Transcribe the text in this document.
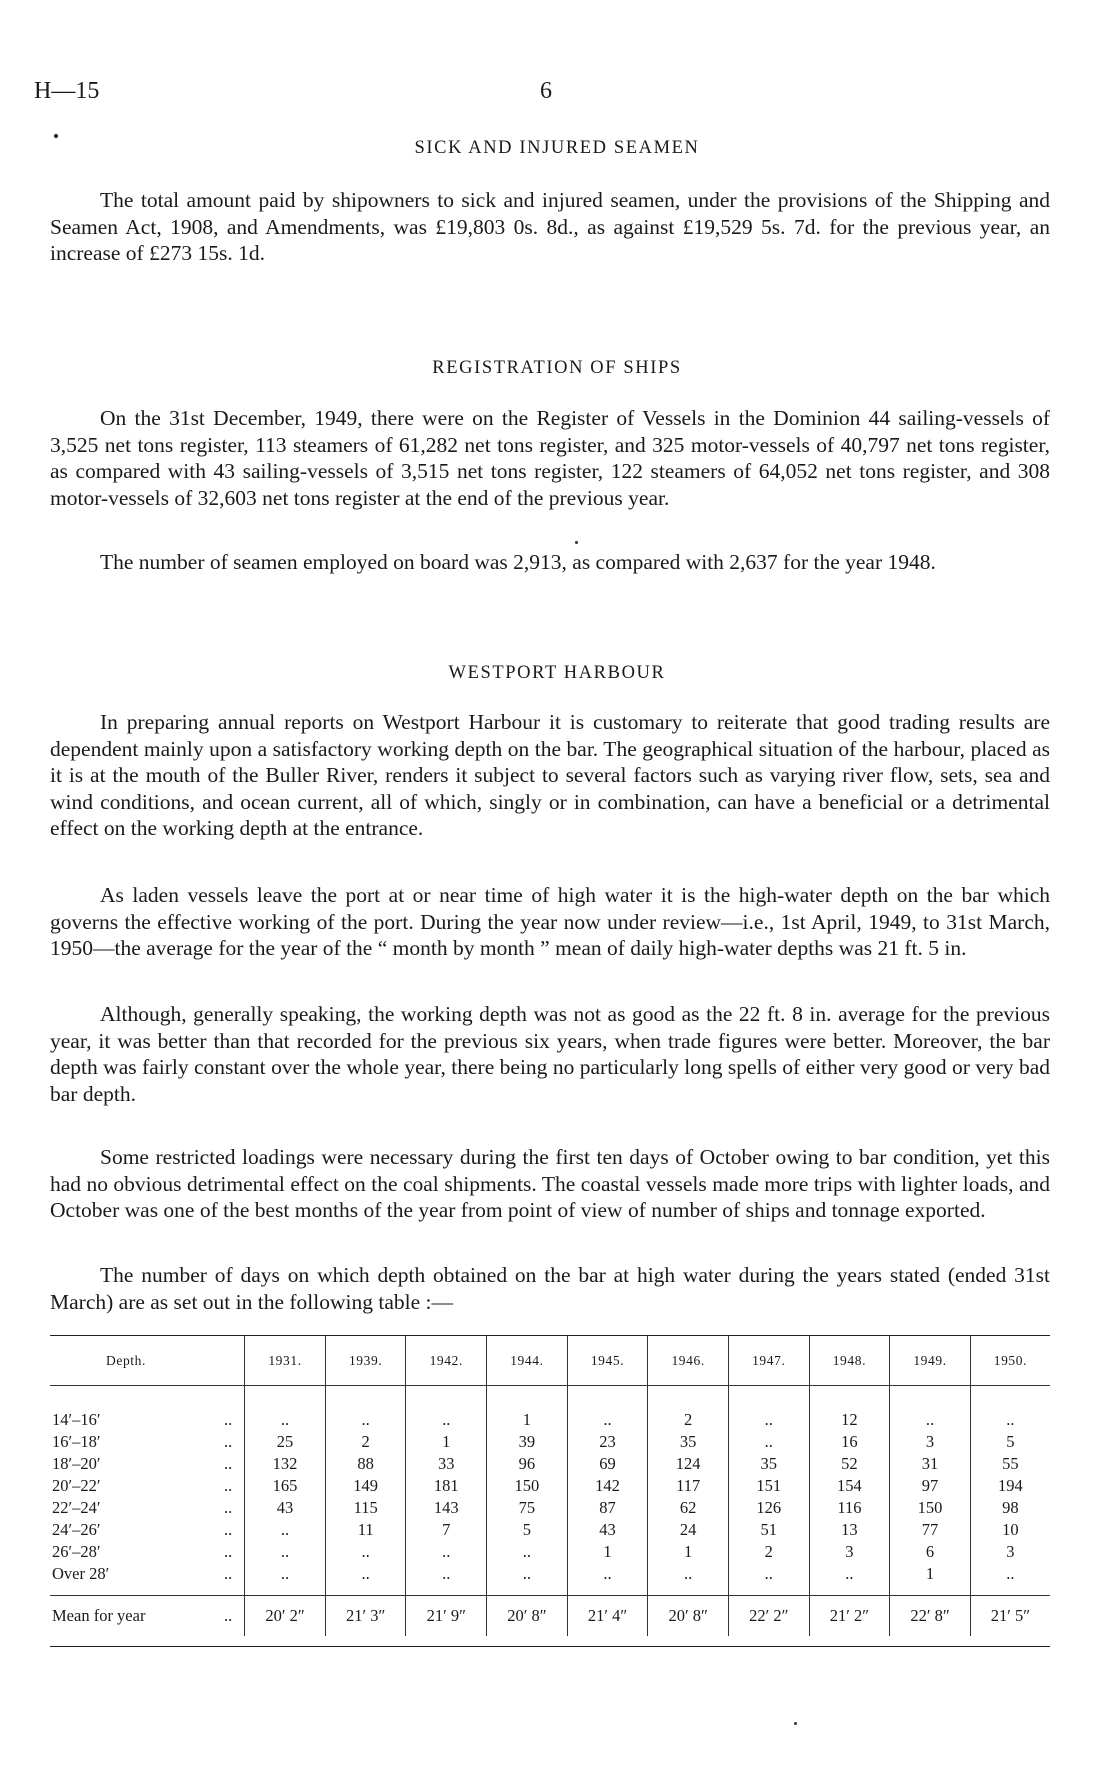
H—15	6
SICK AND INJURED SEAMEN

The total amount paid by shipowners to sick and injured seamen, under the provisions of the Shipping and Seamen Act, 1908, and Amendments, was £19,803 0s. 8d., as against £19,529 5s. 7d. for the previous year, an increase of £273 15s. 1d.

REGISTRATION OF SHIPS

On the 31st December, 1949, there were on the Register of Vessels in the Dominion 44 sailing-vessels of 3,525 net tons register, 113 steamers of 61,282 net tons register, and 325 motor-vessels of 40,797 net tons register, as compared with 43 sailing-vessels of 3,515 net tons register, 122 steamers of 64,052 net tons register, and 308 motor-vessels of 32,603 net tons register at the end of the previous year.

The number of seamen employed on board was 2,913, as compared with 2,637 for the year 1948.

WESTPORT HARBOUR

In preparing annual reports on Westport Harbour it is customary to reiterate that good trading results are dependent mainly upon a satisfactory working depth on the bar. The geographical situation of the harbour, placed as it is at the mouth of the Buller River, renders it subject to several factors such as varying river flow, sets, sea and wind conditions, and ocean current, all of which, singly or in combination, can have a beneficial or a detrimental effect on the working depth at the entrance.

As laden vessels leave the port at or near time of high water it is the high-water depth on the bar which governs the effective working of the port. During the year now under review—i.e., 1st April, 1949, to 31st March, 1950—the average for the year of the “ month by month ” mean of daily high-water depths was 21 ft. 5 in.

Although, generally speaking, the working depth was not as good as the 22 ft. 8 in. average for the previous year, it was better than that recorded for the previous six years, when trade figures were better. Moreover, the bar depth was fairly constant over the whole year, there being no particularly long spells of either very good or very bad bar depth.

Some restricted loadings were necessary during the first ten days of October owing to bar condition, yet this had no obvious detrimental effect on the coal shipments. The coastal vessels made more trips with lighter loads, and October was one of the best months of the year from point of view of number of ships and tonnage exported.

The number of days on which depth obtained on the bar at high water during the years stated (ended 31st March) are as set out in the following table :—

Depth.	1931.	1939.	1942.	1944.	1945.	1946.	1947.	1948.	1949.	1950.

14′–16′ ..	..	..	..	1	..	2	..	12	..	..
16′–18′ ..	25	2	1	39	23	35	..	16	3	5
18′–20′ ..	132	88	33	96	69	124	35	52	31	55
20′–22′ ..	165	149	181	150	142	117	151	154	97	194
22′–24′ ..	43	115	143	75	87	62	126	116	150	98
24′–26′ ..	..	11	7	5	43	24	51	13	77	10
26′–28′ ..	..	..	..	..	1	1	2	3	6	3
Over 28′ ..	..	..	..	..	..	..	..	..	1	..
Mean for year ..	20′ 2″	21′ 3″	21′ 9″	20′ 8″	21′ 4″	20′ 8″	22′ 2″	21′ 2″	22′ 8″	21′ 5″
